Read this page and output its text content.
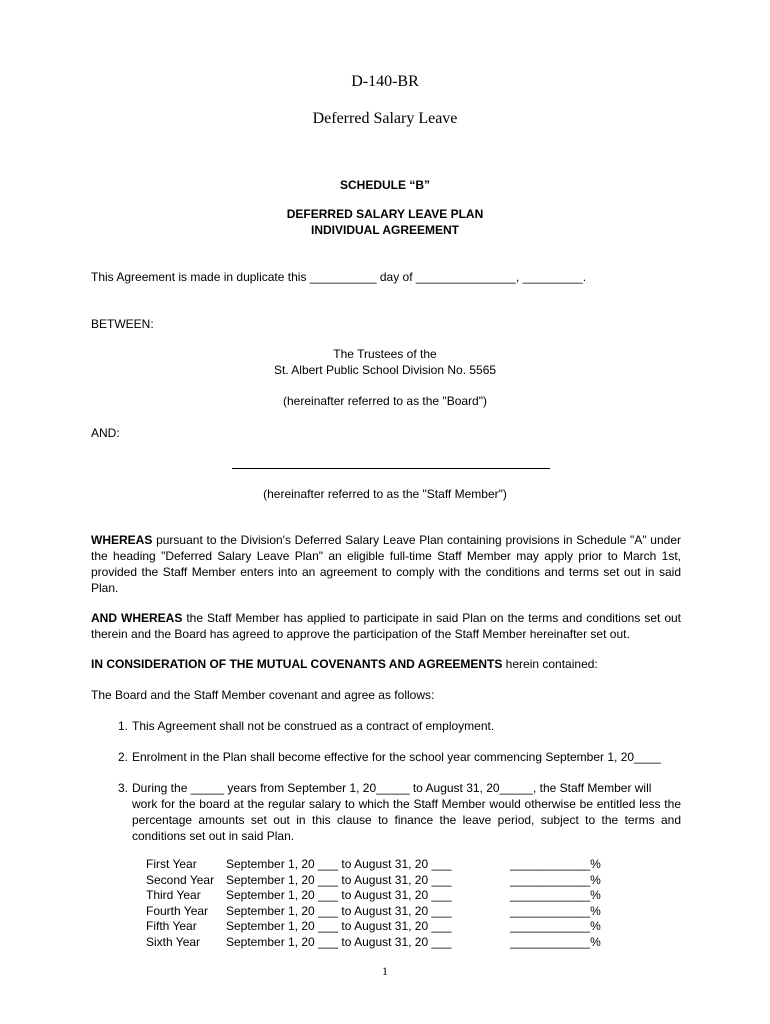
D-140-BR
Deferred Salary Leave
SCHEDULE “B”
DEFERRED SALARY LEAVE PLAN
INDIVIDUAL AGREEMENT
This Agreement is made in duplicate this __________ day of _______________, _________.
BETWEEN:
The Trustees of the
St. Albert Public School Division No. 5565
(hereinafter referred to as the "Board")
AND:
(hereinafter referred to as the "Staff Member")
WHEREAS pursuant to the Division's Deferred Salary Leave Plan containing provisions in Schedule "A" under the heading "Deferred Salary Leave Plan" an eligible full-time Staff Member may apply prior to March 1st, provided the Staff Member enters into an agreement to comply with the conditions and terms set out in said Plan.
AND WHEREAS the Staff Member has applied to participate in said Plan on the terms and conditions set out therein and the Board has agreed to approve the participation of the Staff Member hereinafter set out.
IN CONSIDERATION OF THE MUTUAL COVENANTS AND AGREEMENTS herein contained:
The Board and the Staff Member covenant and agree as follows:
1. This Agreement shall not be construed as a contract of employment.
2. Enrolment in the Plan shall become effective for the school year commencing September 1, 20____
3. During the _____ years from September 1, 20_____ to August 31, 20_____, the Staff Member will
work for the board at the regular salary to which the Staff Member would otherwise be entitled less the percentage amounts set out in this clause to finance the leave period, subject to the terms and conditions set out in said Plan.
First Year September 1, 20 ___ to August 31, 20 ___	____________%
Second Year September 1, 20 ___ to August 31, 20 ___	____________%
Third Year September 1, 20 ___ to August 31, 20 ___	____________%
Fourth Year September 1, 20 ___ to August 31, 20 ___	____________%
Fifth Year September 1, 20 ___ to August 31, 20 ___	____________%
Sixth Year September 1, 20 ___ to August 31, 20 ___	____________%
1
